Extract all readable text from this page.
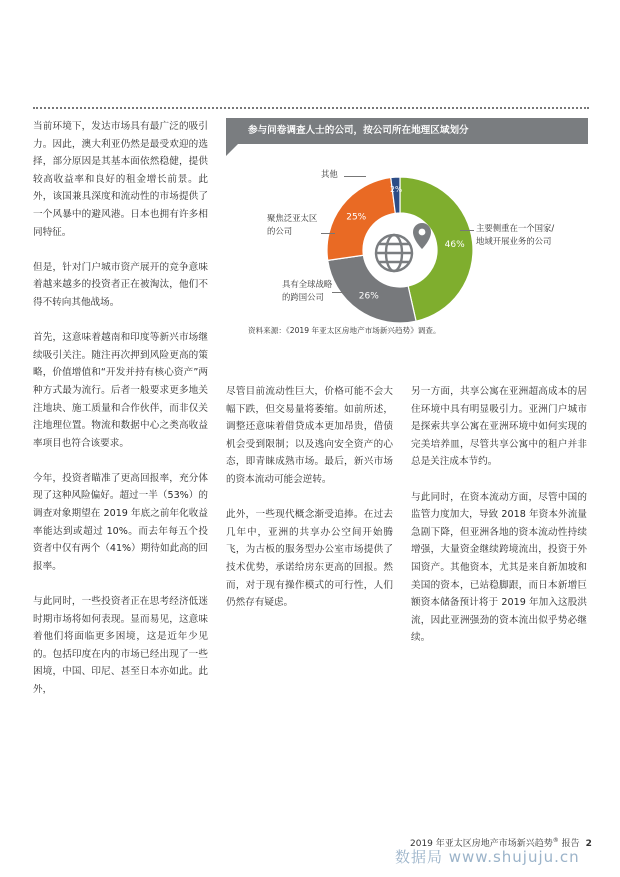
当前环境下，发达市场具有最广泛的吸引力。因此，澳大利亚仍然是最受欢迎的选择，部分原因是其基本面依然稳健，提供较高收益率和良好的租金增长前景。此外，该国兼具深度和流动性的市场提供了一个风暴中的避风港。日本也拥有许多相同特征。

但是，针对门户城市资产展开的竞争意味着越来越多的投资者正在被淘汰，他们不得不转向其他战场。

首先，这意味着越南和印度等新兴市场继续吸引关注。随注再次押到风险更高的策略，价值增值和“开发并持有核心资产”两种方式最为流行。后者一般要求更多地关注地块、施工质量和合作伙伴，而非仅关注地理位置。物流和数据中心之类高收益率项目也符合该要求。

今年，投资者瞄准了更高回报率，充分体现了这种风险偏好。超过一半（53%）的调查对象期望在 2019 年底之前年化收益率能达到或超过 10%。而去年每五个投资者中仅有两个（41%）期待如此高的回报率。

与此同时，一些投资者正在思考经济低迷时期市场将如何表现。显而易见，这意味着他们将面临更多困境，这是近年少见的。包括印度在内的市场已经出现了一些困境，中国、印尼、甚至日本亦如此。此外，

参与问卷调查人士的公司，按公司所在地理区域划分
46%
26%
25%
2%
其他
聚焦泛亚太区
的公司
具有全球战略
的跨国公司
主要侧重在一个国家/
地域开展业务的公司
资料来源：《2019 年亚太区房地产市场新兴趋势》调查。

尽管目前流动性巨大，价格可能不会大幅下跌，但交易量将萎缩。如前所述，调整还意味着借贷成本更加昂贵，借债机会受到限制；以及逃向安全资产的心态，即青睐成熟市场。最后，新兴市场的资本流动可能会逆转。

此外，一些现代概念渐受追捧。在过去几年中，亚洲的共享办公空间开始腾飞，为古板的服务型办公室市场提供了技术优势，承诺给房东更高的回报。然而，对于现有操作模式的可行性，人们仍然存有疑虑。

另一方面，共享公寓在亚洲超高成本的居住环境中具有明显吸引力。亚洲门户城市是探索共享公寓在亚洲环境中如何实现的完美培养皿，尽管共享公寓中的租户并非总是关注成本节约。

与此同时，在资本流动方面，尽管中国的监管力度加大，导致 2018 年资本外流量急剧下降，但亚洲各地的资本流动性持续增强，大量资金继续跨境流出，投资于外国资产。其他资本，尤其是来自新加坡和美国的资本，已站稳脚跟，而日本新增巨额资本储备预计将于 2019 年加入这股洪流，因此亚洲强劲的资本流出似乎势必继续。

2019 年亚太区房地产市场新兴趋势® 报告 2
数据局 www.shujuju.cn
